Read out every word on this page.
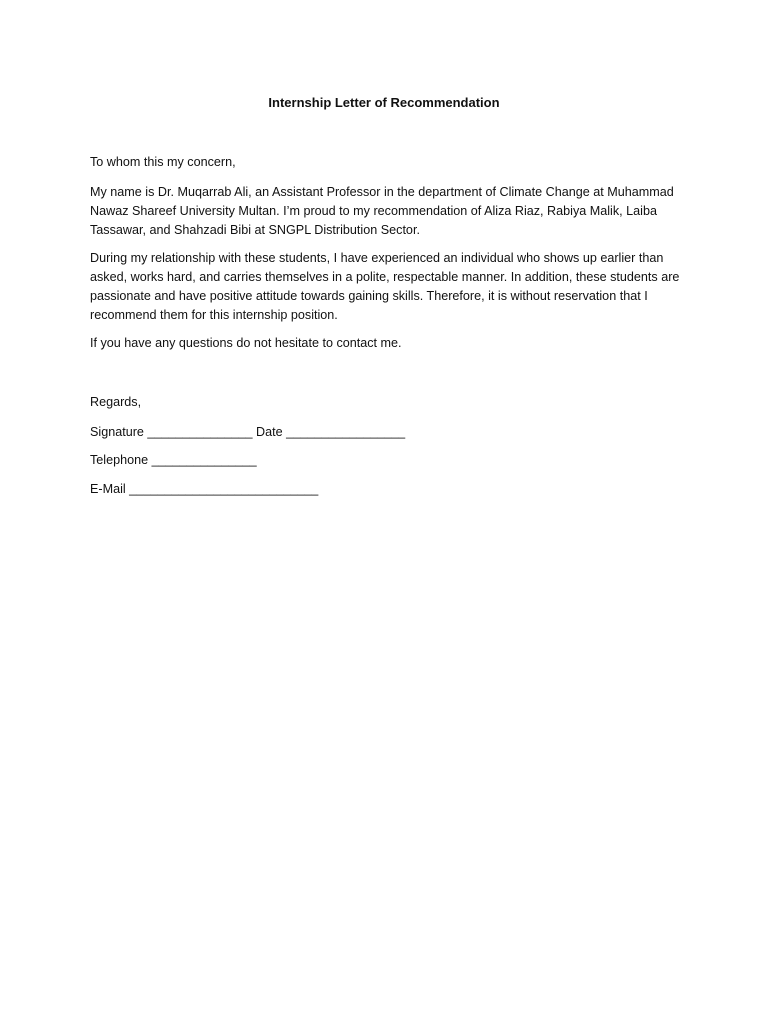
Internship Letter of Recommendation
To whom this my concern,

My name is Dr. Muqarrab Ali, an Assistant Professor in the department of Climate Change at Muhammad Nawaz Shareef University Multan. I’m proud to my recommendation of Aliza Riaz, Rabiya Malik, Laiba Tassawar, and Shahzadi Bibi at SNGPL Distribution Sector.

During my relationship with these students, I have experienced an individual who shows up earlier than asked, works hard, and carries themselves in a polite, respectable manner. In addition, these students are passionate and have positive attitude towards gaining skills. Therefore, it is without reservation that I recommend them for this internship position.

If you have any questions do not hesitate to contact me.

Regards,
Signature _______________ Date _________________
Telephone _______________
E-Mail ___________________________
